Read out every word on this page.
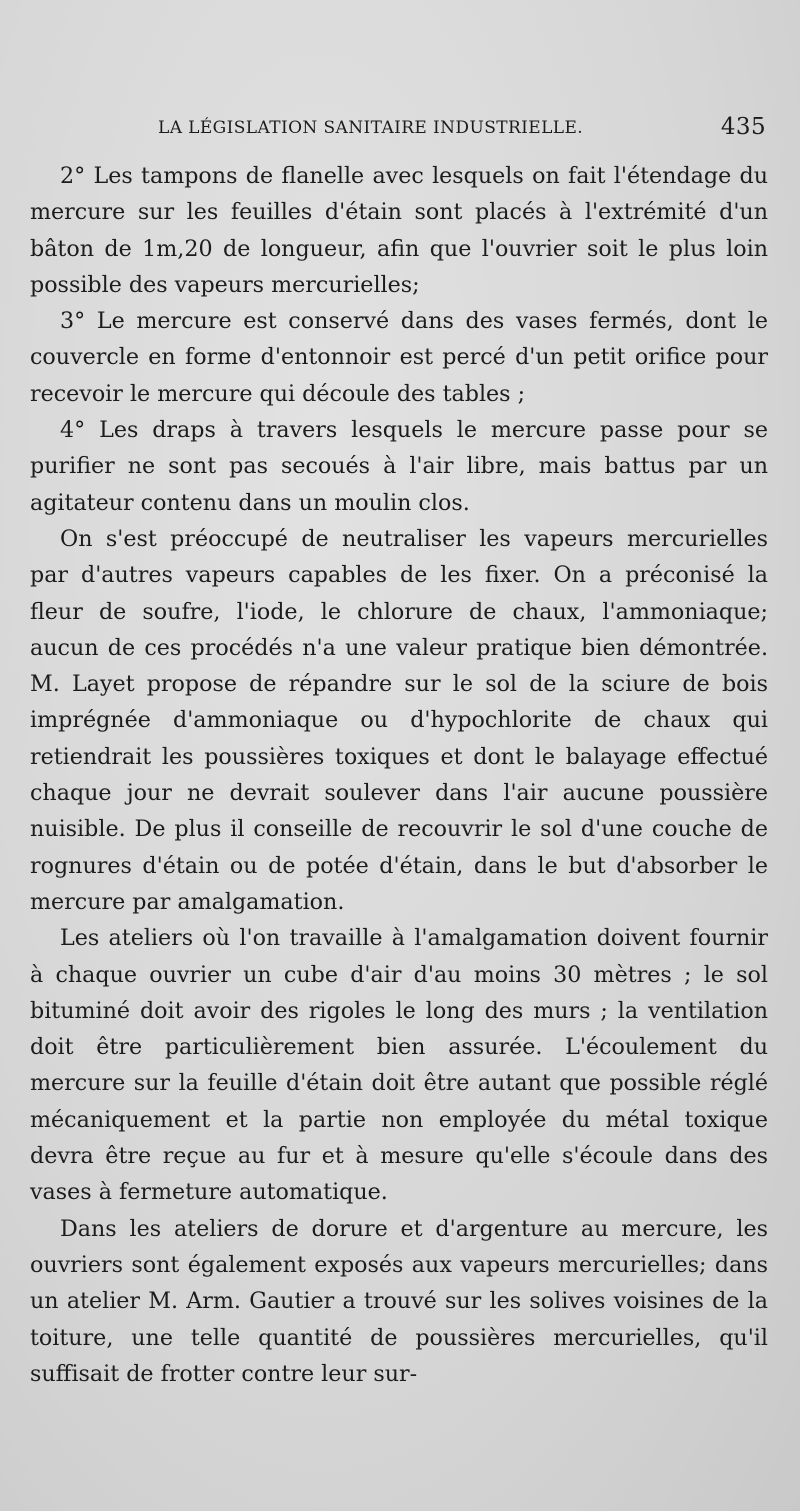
LA LÉGISLATION SANITAIRE INDUSTRIELLE.	435

2° Les tampons de flanelle avec lesquels on fait l'étendage du mercure sur les feuilles d'étain sont placés à l'extrémité d'un bâton de 1m,20 de longueur, afin que l'ouvrier soit le plus loin possible des vapeurs mercurielles;

3° Le mercure est conservé dans des vases fermés, dont le couvercle en forme d'entonnoir est percé d'un petit orifice pour recevoir le mercure qui découle des tables ;

4° Les draps à travers lesquels le mercure passe pour se purifier ne sont pas secoués à l'air libre, mais battus par un agitateur contenu dans un moulin clos.

On s'est préoccupé de neutraliser les vapeurs mercurielles par d'autres vapeurs capables de les fixer. On a préconisé la fleur de soufre, l'iode, le chlorure de chaux, l'ammoniaque; aucun de ces procédés n'a une valeur pratique bien démontrée. M. Layet propose de répandre sur le sol de la sciure de bois imprégnée d'ammoniaque ou d'hypochlorite de chaux qui retiendrait les poussières toxiques et dont le balayage effectué chaque jour ne devrait soulever dans l'air aucune poussière nuisible. De plus il conseille de recouvrir le sol d'une couche de rognures d'étain ou de potée d'étain, dans le but d'absorber le mercure par amalgamation.

Les ateliers où l'on travaille à l'amalgamation doivent fournir à chaque ouvrier un cube d'air d'au moins 30 mètres ; le sol bituminé doit avoir des rigoles le long des murs ; la ventilation doit être particulièrement bien assurée. L'écoulement du mercure sur la feuille d'étain doit être autant que possible réglé mécaniquement et la partie non employée du métal toxique devra être reçue au fur et à mesure qu'elle s'écoule dans des vases à fermeture automatique.

Dans les ateliers de dorure et d'argenture au mercure, les ouvriers sont également exposés aux vapeurs mercurielles; dans un atelier M. Arm. Gautier a trouvé sur les solives voisines de la toiture, une telle quantité de poussières mercurielles, qu'il suffisait de frotter contre leur sur-
